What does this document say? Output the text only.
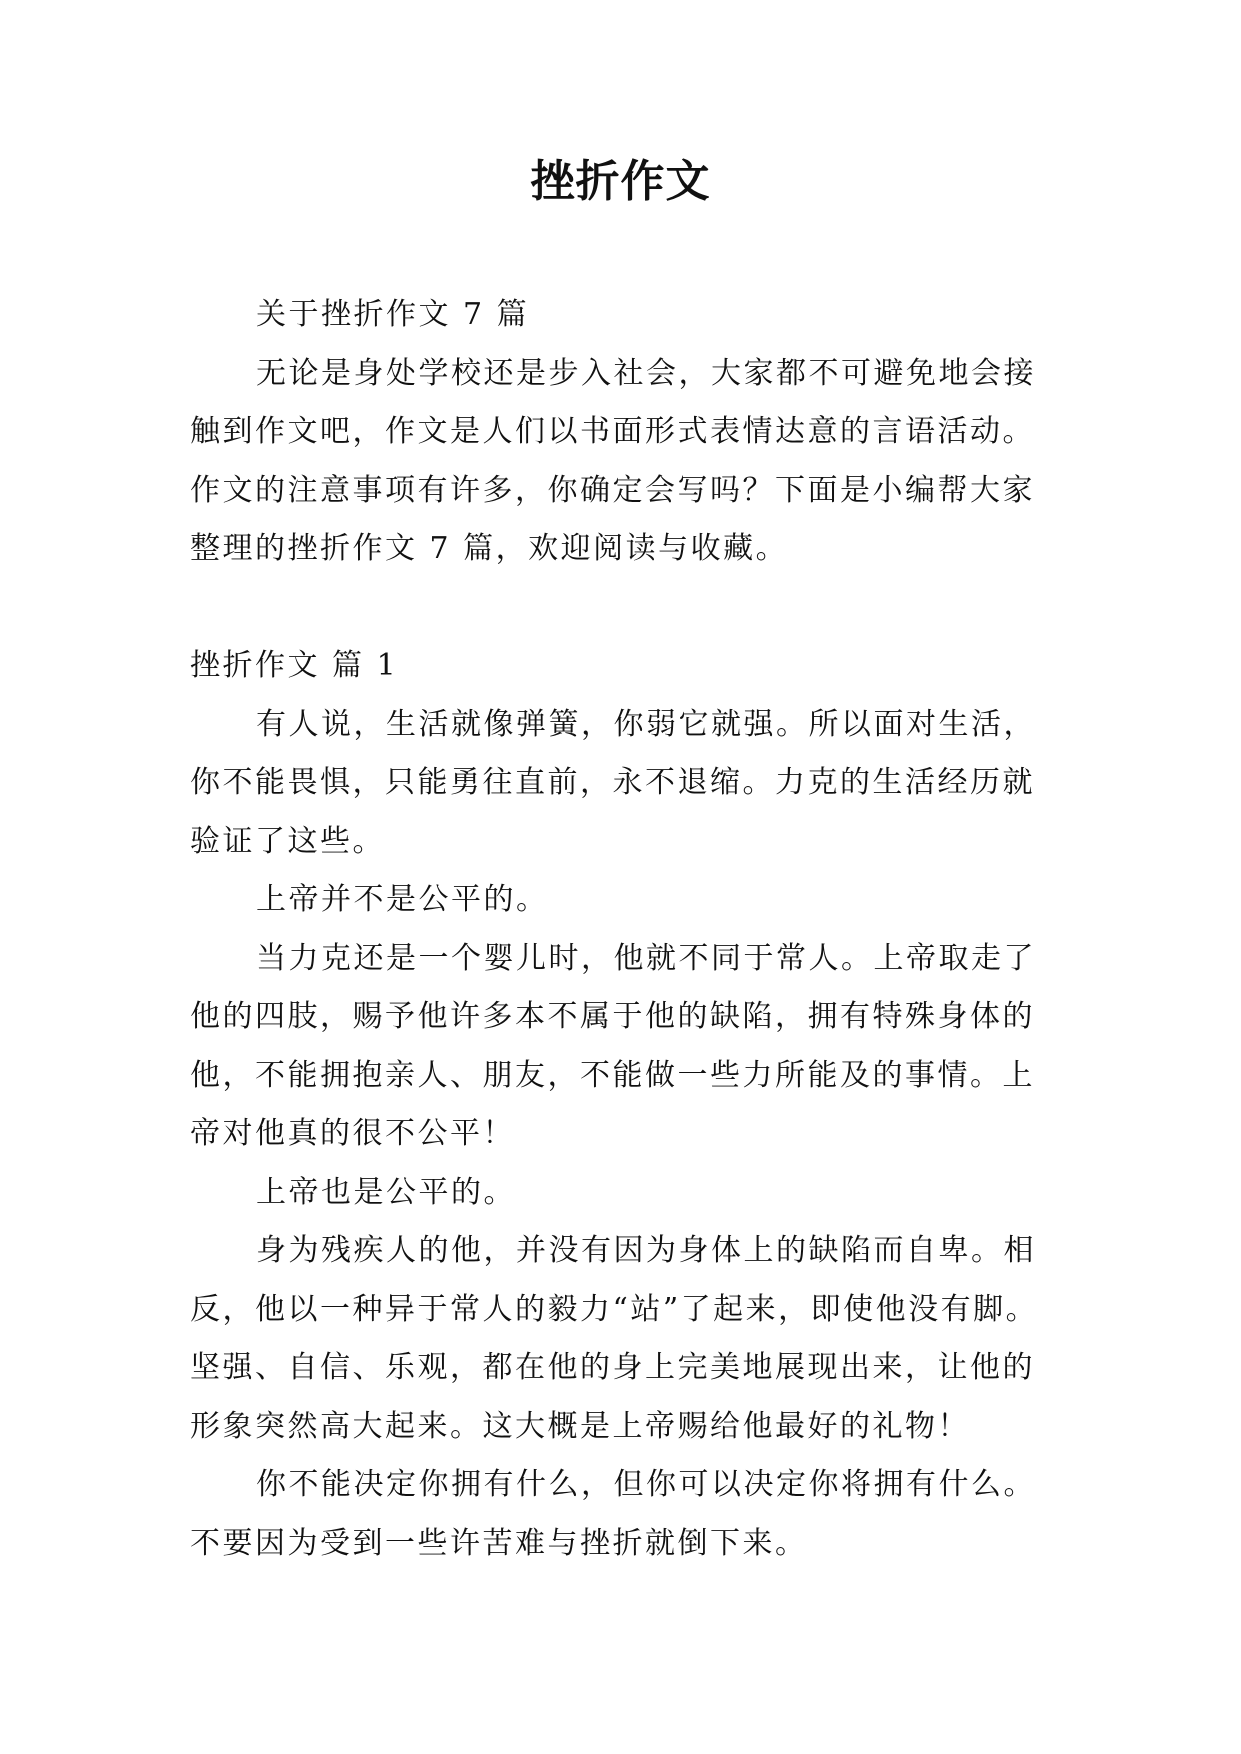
挫折作文

关于挫折作文 7 篇

无论是身处学校还是步入社会，大家都不可避免地会接触到作文吧，作文是人们以书面形式表情达意的言语活动。作文的注意事项有许多，你确定会写吗？下面是小编帮大家整理的挫折作文 7 篇，欢迎阅读与收藏。

挫折作文 篇 1

有人说，生活就像弹簧，你弱它就强。所以面对生活，你不能畏惧，只能勇往直前，永不退缩。力克的生活经历就验证了这些。

上帝并不是公平的。

当力克还是一个婴儿时，他就不同于常人。上帝取走了他的四肢，赐予他许多本不属于他的缺陷，拥有特殊身体的他，不能拥抱亲人、朋友，不能做一些力所能及的事情。上帝对他真的很不公平！

上帝也是公平的。

身为残疾人的他，并没有因为身体上的缺陷而自卑。相反，他以一种异于常人的毅力“站”了起来，即使他没有脚。坚强、自信、乐观，都在他的身上完美地展现出来，让他的形象突然高大起来。这大概是上帝赐给他最好的礼物！

你不能决定你拥有什么，但你可以决定你将拥有什么。不要因为受到一些许苦难与挫折就倒下来。
